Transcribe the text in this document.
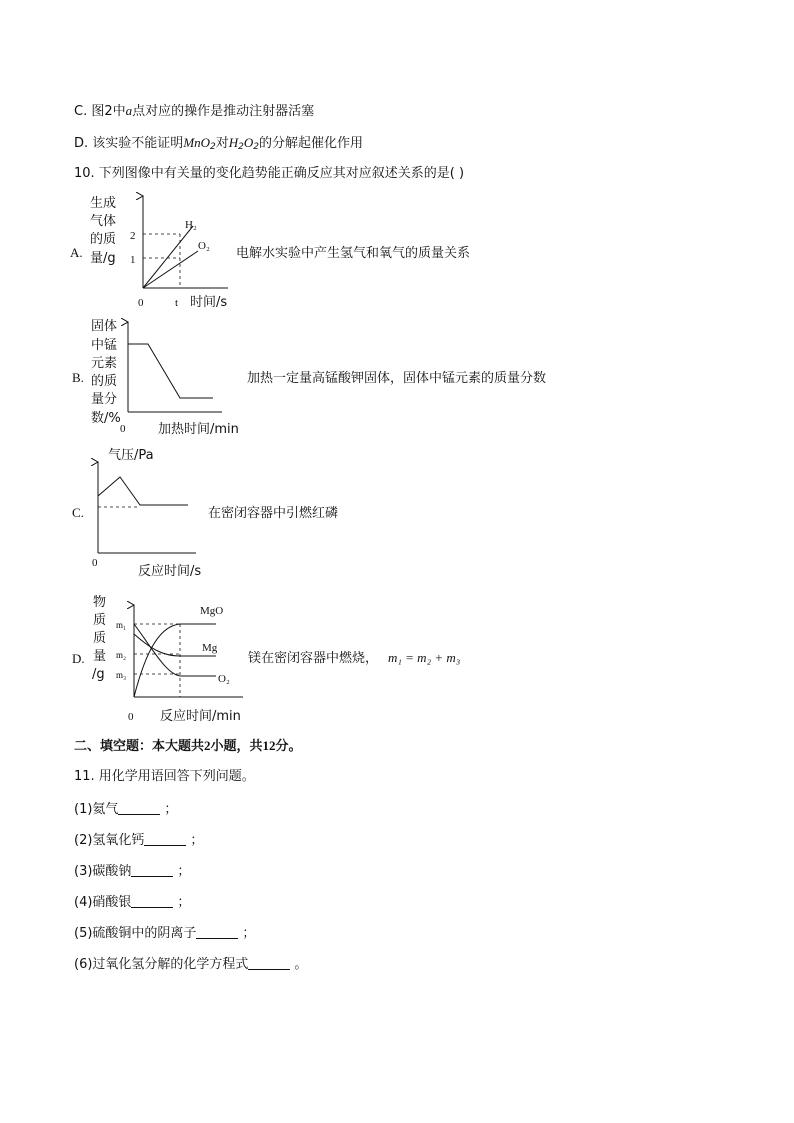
C. 图2中a点对应的操作是推动注射器活塞
D. 该实验不能证明MnO$_2$对$H_2O_2$的分解起催化作用
10. 下列图像中有关量的变化趋势能正确反应其对应叙述关系的是( )
A.
生成
气体
的质
量/g
H₂
O₂
2
1
0	t 时间/s
电解水实验中产生氢气和氧气的质量关系
B.
固体
中锰
元素
的质
量分
数/%
0	加热时间/min
加热一定量高锰酸钾固体，固体中锰元素的质量分数
C.
气压/Pa
0
反应时间/s
在密闭容器中引燃红磷
D.
物
质
质
量
/g
MgO
Mg
O₂
m₁
m₂
m₃
0 反应时间/min
镁在密闭容器中燃烧， m₁ = m₂ + m₃
二、填空题：本大题共2小题，共12分。
11. 用化学用语回答下列问题。
(1)氦气	；
(2)氢氧化钙	；
(3)碳酸钠	；
(4)硝酸银	；
(5)硫酸铜中的阴离子	；
(6)过氧化氢分解的化学方程式	。
